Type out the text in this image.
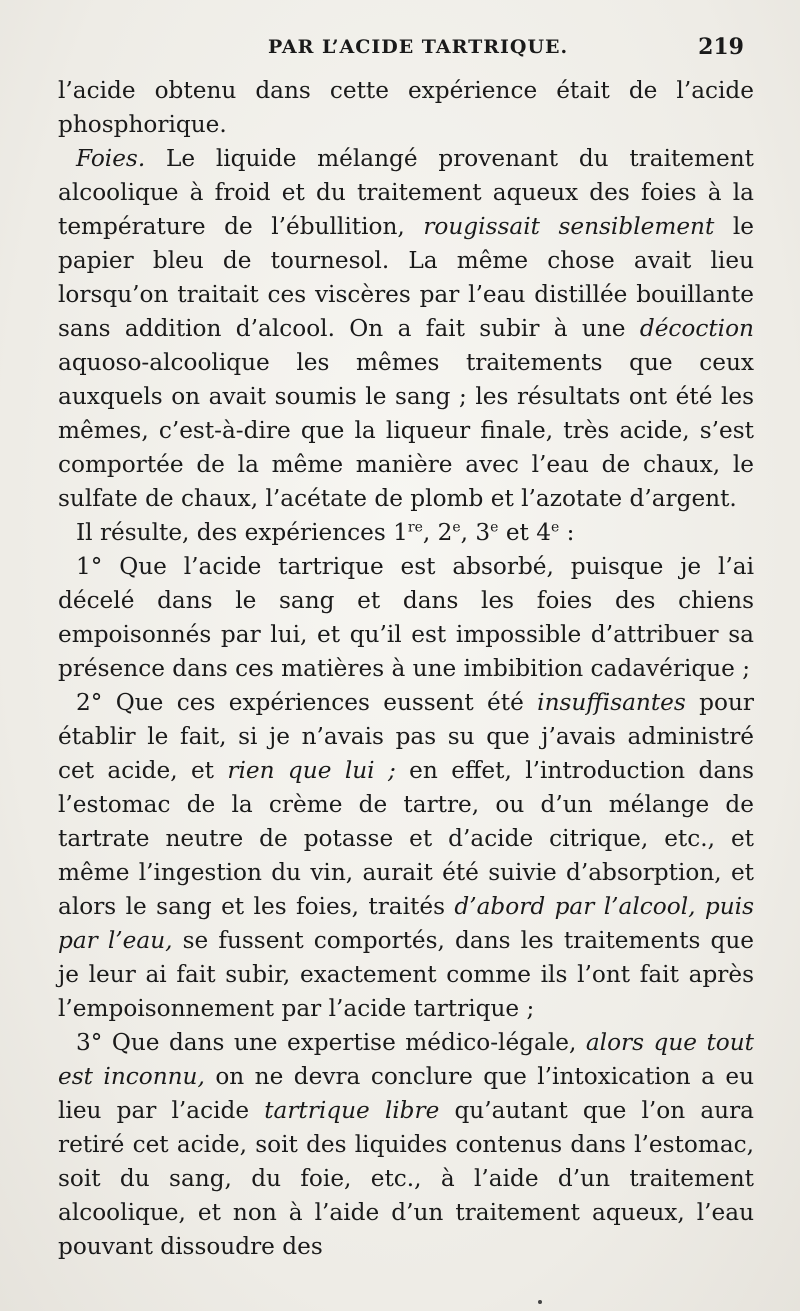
PAR L’ACIDE TARTRIQUE.	219

l’acide obtenu dans cette expérience était de l’acide phosphorique.

Foies. Le liquide mélangé provenant du traitement alcoolique à froid et du traitement aqueux des foies à la température de l’ébullition, rougissait sensiblement le papier bleu de tournesol. La même chose avait lieu lorsqu’on traitait ces viscères par l’eau distillée bouillante sans addition d’alcool. On a fait subir à une décoction aquoso-alcoolique les mêmes traitements que ceux auxquels on avait soumis le sang ; les résultats ont été les mêmes, c’est-à-dire que la liqueur finale, très acide, s’est comportée de la même manière avec l’eau de chaux, le sulfate de chaux, l’acétate de plomb et l’azotate d’argent.

Il résulte, des expériences 1re, 2e, 3e et 4e :

1° Que l’acide tartrique est absorbé, puisque je l’ai décelé dans le sang et dans les foies des chiens empoisonnés par lui, et qu’il est impossible d’attribuer sa présence dans ces matières à une imbibition cadavérique ;

2° Que ces expériences eussent été insuffisantes pour établir le fait, si je n’avais pas su que j’avais administré cet acide, et rien que lui ; en effet, l’introduction dans l’estomac de la crème de tartre, ou d’un mélange de tartrate neutre de potasse et d’acide citrique, etc., et même l’ingestion du vin, aurait été suivie d’absorption, et alors le sang et les foies, traités d’abord par l’alcool, puis par l’eau, se fussent comportés, dans les traitements que je leur ai fait subir, exactement comme ils l’ont fait après l’empoisonnement par l’acide tartrique ;

3° Que dans une expertise médico-légale, alors que tout est inconnu, on ne devra conclure que l’intoxication a eu lieu par l’acide tartrique libre qu’autant que l’on aura retiré cet acide, soit des liquides contenus dans l’estomac, soit du sang, du foie, etc., à l’aide d’un traitement alcoolique, et non à l’aide d’un traitement aqueux, l’eau pouvant dissoudre des
